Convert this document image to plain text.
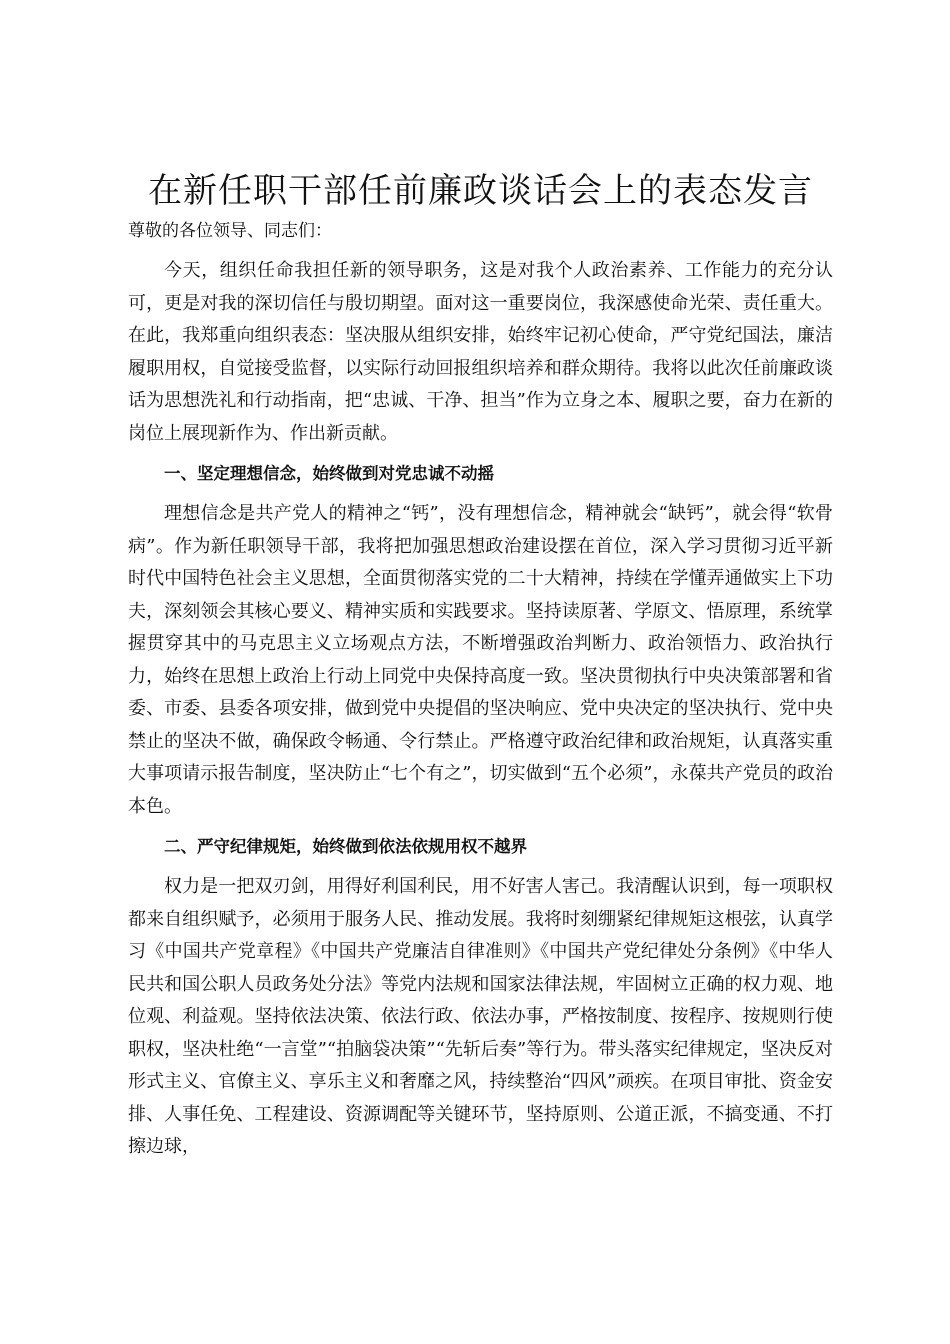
在新任职干部任前廉政谈话会上的表态发言

尊敬的各位领导、同志们：

今天，组织任命我担任新的领导职务，这是对我个人政治素养、工作能力的充分认可，更是对我的深切信任与殷切期望。面对这一重要岗位，我深感使命光荣、责任重大。在此，我郑重向组织表态：坚决服从组织安排，始终牢记初心使命，严守党纪国法，廉洁履职用权，自觉接受监督，以实际行动回报组织培养和群众期待。我将以此次任前廉政谈话为思想洗礼和行动指南，把“忠诚、干净、担当”作为立身之本、履职之要，奋力在新的岗位上展现新作为、作出新贡献。

一、坚定理想信念，始终做到对党忠诚不动摇

理想信念是共产党人的精神之“钙”，没有理想信念，精神就会“缺钙”，就会得“软骨病”。作为新任职领导干部，我将把加强思想政治建设摆在首位，深入学习贯彻习近平新时代中国特色社会主义思想，全面贯彻落实党的二十大精神，持续在学懂弄通做实上下功夫，深刻领会其核心要义、精神实质和实践要求。坚持读原著、学原文、悟原理，系统掌握贯穿其中的马克思主义立场观点方法，不断增强政治判断力、政治领悟力、政治执行力，始终在思想上政治上行动上同党中央保持高度一致。坚决贯彻执行中央决策部署和省委、市委、县委各项安排，做到党中央提倡的坚决响应、党中央决定的坚决执行、党中央禁止的坚决不做，确保政令畅通、令行禁止。严格遵守政治纪律和政治规矩，认真落实重大事项请示报告制度，坚决防止“七个有之”，切实做到“五个必须”，永葆共产党员的政治本色。

二、严守纪律规矩，始终做到依法依规用权不越界

权力是一把双刃剑，用得好利国利民，用不好害人害己。我清醒认识到，每一项职权都来自组织赋予，必须用于服务人民、推动发展。我将时刻绷紧纪律规矩这根弦，认真学习《中国共产党章程》《中国共产党廉洁自律准则》《中国共产党纪律处分条例》《中华人民共和国公职人员政务处分法》等党内法规和国家法律法规，牢固树立正确的权力观、地位观、利益观。坚持依法决策、依法行政、依法办事，严格按制度、按程序、按规则行使职权，坚决杜绝“一言堂”“拍脑袋决策”“先斩后奏”等行为。带头落实纪律规定，坚决反对形式主义、官僚主义、享乐主义和奢靡之风，持续整治“四风”顽疾。在项目审批、资金安排、人事任免、工程建设、资源调配等关键环节，坚持原则、公道正派，不搞变通、不打擦边球，
